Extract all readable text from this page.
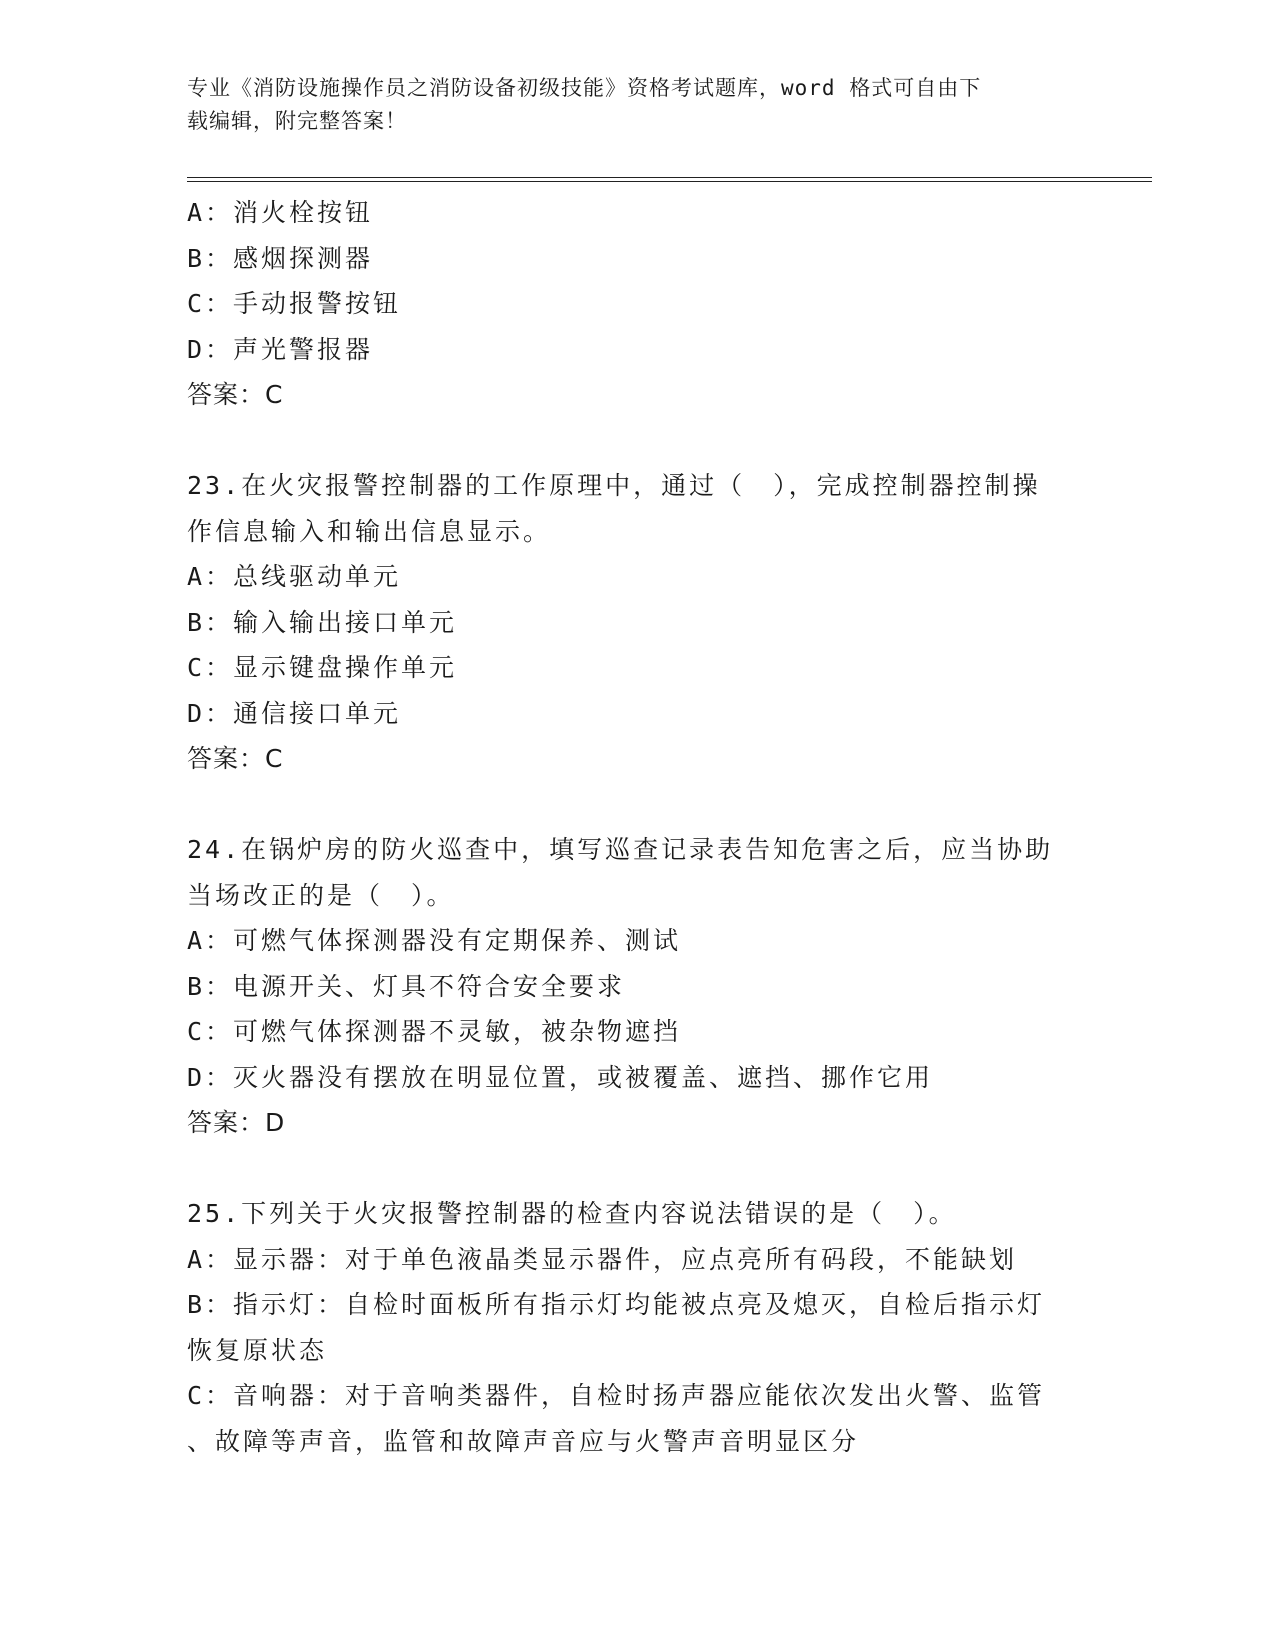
专业《消防设施操作员之消防设备初级技能》资格考试题库，word 格式可自由下
载编辑，附完整答案！
A：消火栓按钮
B：感烟探测器
C：手动报警按钮
D：声光警报器
答案：C
23.在火灾报警控制器的工作原理中，通过（　），完成控制器控制操
作信息输入和输出信息显示。
A：总线驱动单元
B：输入输出接口单元
C：显示键盘操作单元
D：通信接口单元
答案：C
24.在锅炉房的防火巡查中，填写巡查记录表告知危害之后，应当协助
当场改正的是（　）。
A：可燃气体探测器没有定期保养、测试
B：电源开关、灯具不符合安全要求
C：可燃气体探测器不灵敏，被杂物遮挡
D：灭火器没有摆放在明显位置，或被覆盖、遮挡、挪作它用
答案：D
25.下列关于火灾报警控制器的检查内容说法错误的是（　）。
A：显示器：对于单色液晶类显示器件，应点亮所有码段，不能缺划
B：指示灯：自检时面板所有指示灯均能被点亮及熄灭，自检后指示灯
恢复原状态
C：音响器：对于音响类器件，自检时扬声器应能依次发出火警、监管
、故障等声音，监管和故障声音应与火警声音明显区分
